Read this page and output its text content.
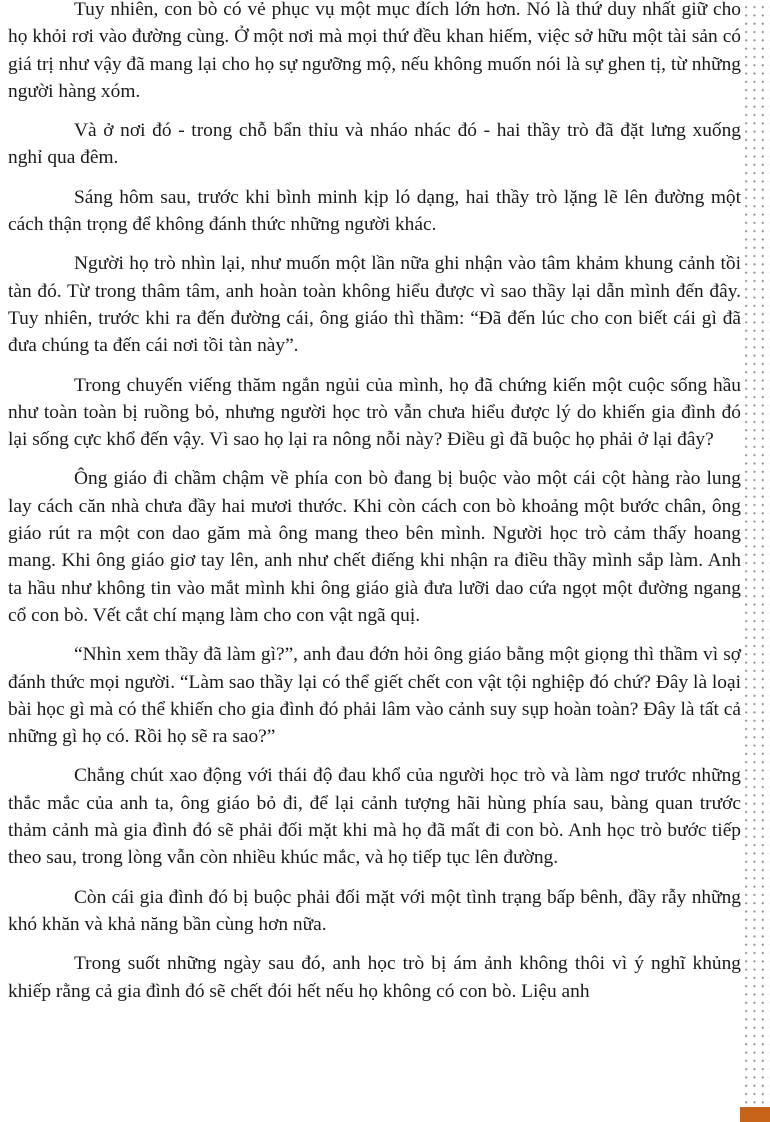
Tuy nhiên, con bò có vẻ phục vụ một mục đích lớn hơn. Nó là thứ duy nhất giữ cho họ khỏi rơi vào đường cùng. Ở một nơi mà mọi thứ đều khan hiếm, việc sở hữu một tài sản có giá trị như vậy đã mang lại cho họ sự ngưỡng mộ, nếu không muốn nói là sự ghen tị, từ những người hàng xóm.

Và ở nơi đó - trong chỗ bẩn thỉu và nháo nhác đó - hai thầy trò đã đặt lưng xuống nghỉ qua đêm.

Sáng hôm sau, trước khi bình minh kịp ló dạng, hai thầy trò lặng lẽ lên đường một cách thận trọng để không đánh thức những người khác.

Người họ trò nhìn lại, như muốn một lần nữa ghi nhận vào tâm khảm khung cảnh tồi tàn đó. Từ trong thâm tâm, anh hoàn toàn không hiểu được vì sao thầy lại dẫn mình đến đây. Tuy nhiên, trước khi ra đến đường cái, ông giáo thì thầm: “Đã đến lúc cho con biết cái gì đã đưa chúng ta đến cái nơi tồi tàn này”.

Trong chuyến viếng thăm ngắn ngủi của mình, họ đã chứng kiến một cuộc sống hầu như toàn toàn bị ruồng bỏ, nhưng người học trò vẫn chưa hiểu được lý do khiến gia đình đó lại sống cực khổ đến vậy. Vì sao họ lại ra nông nỗi này? Điều gì đã buộc họ phải ở lại đây?

Ông giáo đi chầm chậm về phía con bò đang bị buộc vào một cái cột hàng rào lung lay cách căn nhà chưa đầy hai mươi thước. Khi còn cách con bò khoảng một bước chân, ông giáo rút ra một con dao găm mà ông mang theo bên mình. Người học trò cảm thấy hoang mang. Khi ông giáo giơ tay lên, anh như chết điếng khi nhận ra điều thầy mình sắp làm. Anh ta hầu như không tin vào mắt mình khi ông giáo già đưa lưỡi dao cứa ngọt một đường ngang cổ con bò. Vết cắt chí mạng làm cho con vật ngã quị.

“Nhìn xem thầy đã làm gì?”, anh đau đớn hỏi ông giáo bằng một giọng thì thầm vì sợ đánh thức mọi người. “Làm sao thầy lại có thể giết chết con vật tội nghiệp đó chứ? Đây là loại bài học gì mà có thể khiến cho gia đình đó phải lâm vào cảnh suy sụp hoàn toàn? Đây là tất cả những gì họ có. Rồi họ sẽ ra sao?”

Chẳng chút xao động với thái độ đau khổ của người học trò và làm ngơ trước những thắc mắc của anh ta, ông giáo bỏ đi, để lại cảnh tượng hãi hùng phía sau, bàng quan trước thảm cảnh mà gia đình đó sẽ phải đối mặt khi mà họ đã mất đi con bò. Anh học trò bước tiếp theo sau, trong lòng vẫn còn nhiều khúc mắc, và họ tiếp tục lên đường.

Còn cái gia đình đó bị buộc phải đối mặt với một tình trạng bấp bênh, đầy rẫy những khó khăn và khả năng bần cùng hơn nữa.

Trong suốt những ngày sau đó, anh học trò bị ám ảnh không thôi vì ý nghĩ khủng khiếp rằng cả gia đình đó sẽ chết đói hết nếu họ không có con bò. Liệu anh
